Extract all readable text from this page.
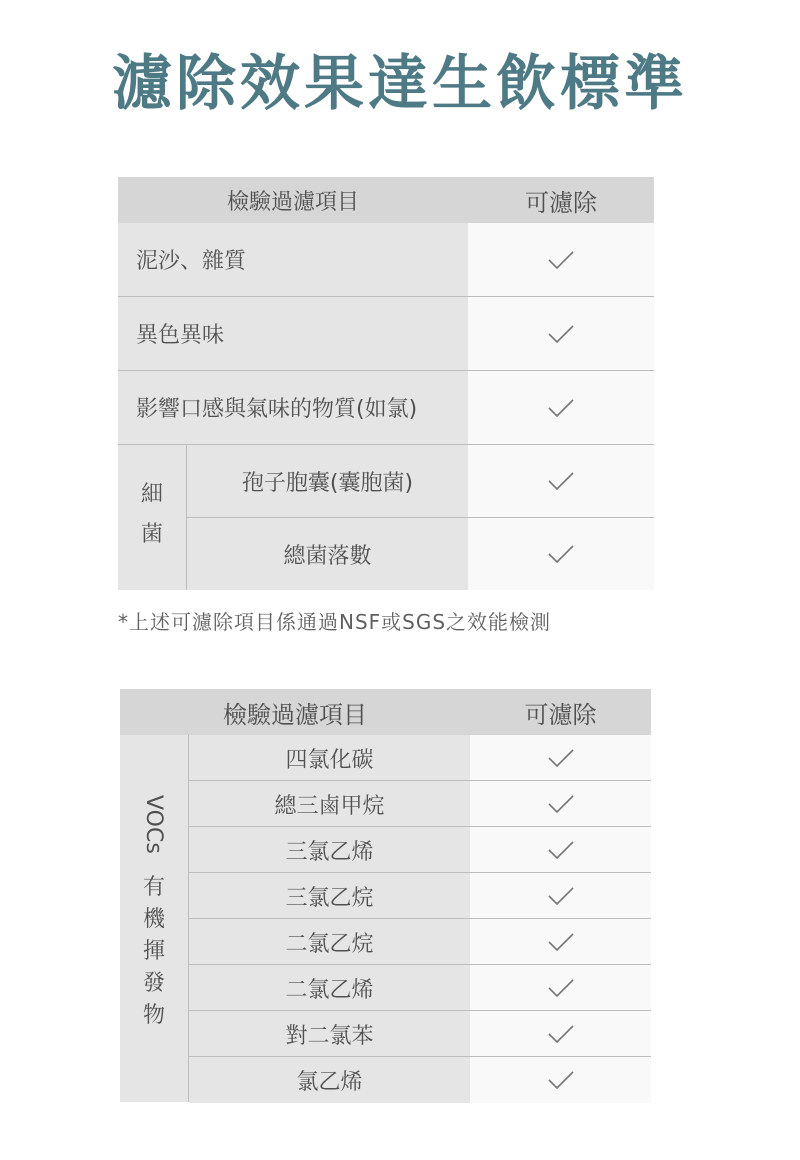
濾除效果達生飲標準
檢驗過濾項目	可濾除
泥沙、雜質
異色異味
影響口感與氣味的物質(如氯)
細
菌
孢子胞囊(囊胞菌)
總菌落數
*上述可濾除項目係通過NSF或SGS之效能檢測
檢驗過濾項目	可濾除
VOCs
有
機
揮
發
物
四氯化碳
總三鹵甲烷
三氯乙烯
三氯乙烷
二氯乙烷
二氯乙烯
對二氯苯
氯乙烯
